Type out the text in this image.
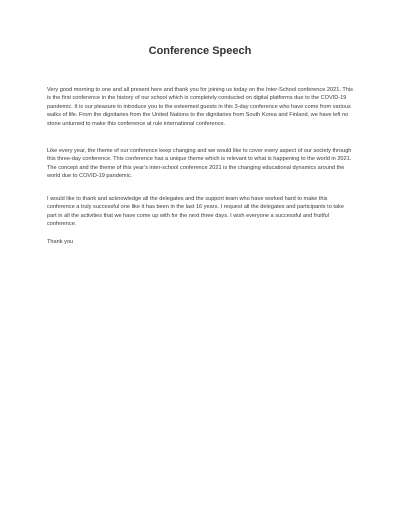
Conference Speech

Very good morning to one and all present here and thank you for joining us today on the Inter-School conference 2021. This is the first conference in the history of our school which is completely conducted on digital platforms due to the COVID-19 pandemic. It is our pleasure to introduce you to the esteemed guests in this 3-day conference who have come from various walks of life. From the dignitaries from the United Nations to the dignitaries from South Korea and Finland, we have left no stone unturned to make this conference at rule international conference.

Like every year, the theme of our conference keep changing and we would like to cover every aspect of our society through this three-day conference. This conference has a unique theme which is relevant to what is happening to the world in 2021. The concept and the theme of this year's inter-school conference 2021 is the changing educational dynamics around the world due to COVID-19 pandemic.

I would like to thank and acknowledge all the delegates and the support team who have worked hard to make this conference a truly successful one like it has been in the last 16 years. I request all the delegates and participants to take part in all the activities that we have come up with for the next three days. I wish everyone a successful and fruitful conference.

Thank you
